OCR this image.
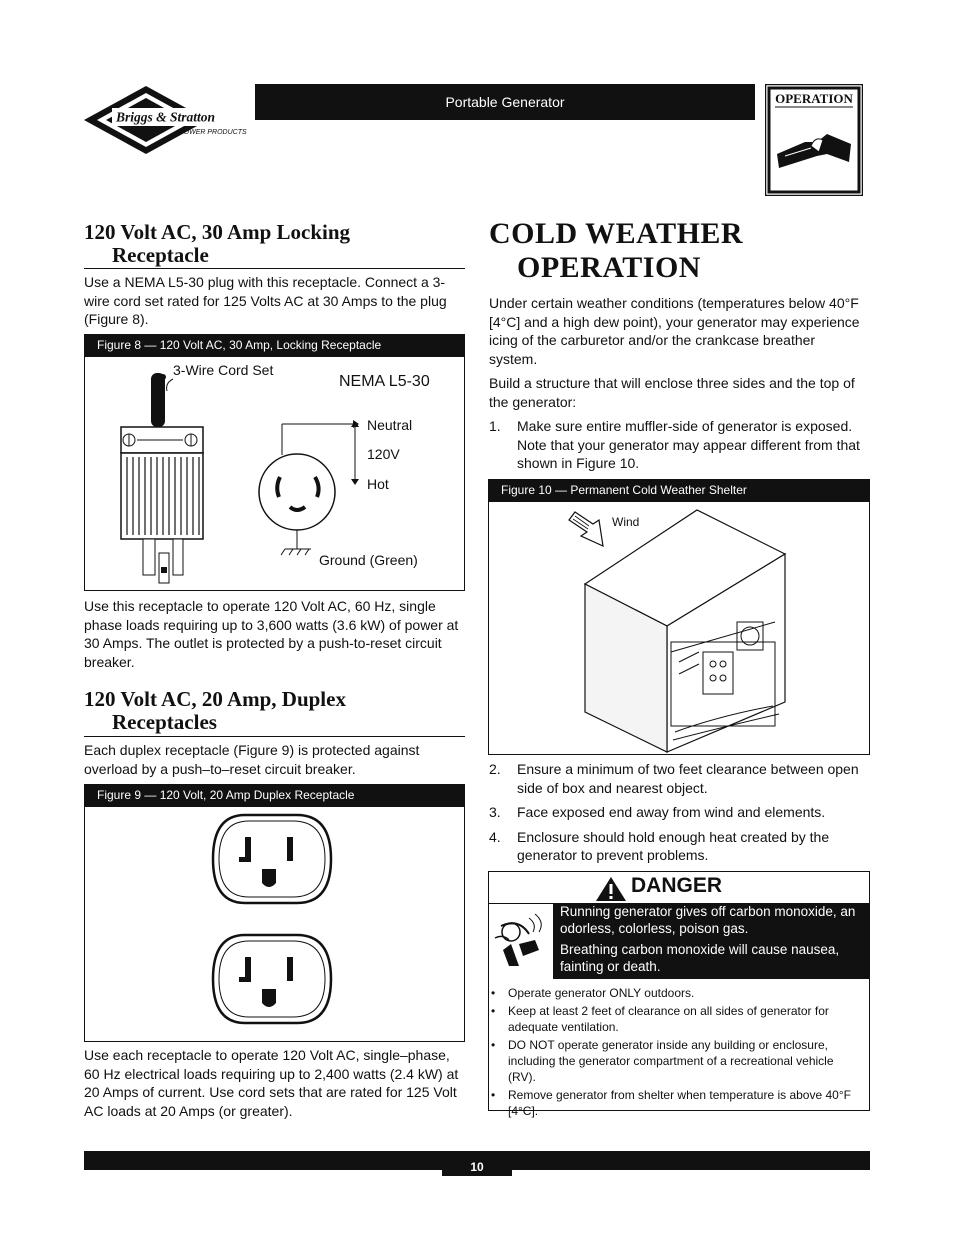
Briggs & Stratton
POWER PRODUCTS
Portable Generator	OPERATION
120 Volt AC, 30 Amp Locking
Receptacle
Use a NEMA L5-30 plug with this receptacle. Connect a 3-wire cord set rated for 125 Volts AC at 30 Amps to the plug (Figure 8).
Figure 8 — 120 Volt AC, 30 Amp, Locking Receptacle
3-Wire Cord Set
NEMA L5-30
Neutral
120V
Hot
Ground (Green)
Use this receptacle to operate 120 Volt AC, 60 Hz, single phase loads requiring up to 3,600 watts (3.6 kW) of power at 30 Amps. The outlet is protected by a push-to-reset circuit breaker.
120 Volt AC, 20 Amp, Duplex
Receptacles
Each duplex receptacle (Figure 9) is protected against overload by a push–to–reset circuit breaker.
Figure 9 — 120 Volt, 20 Amp Duplex Receptacle
Use each receptacle to operate 120 Volt AC, single–phase, 60 Hz electrical loads requiring up to 2,400 watts (2.4 kW) at 20 Amps of current. Use cord sets that are rated for 125 Volt AC loads at 20 Amps (or greater).
COLD WEATHER
OPERATION
Under certain weather conditions (temperatures below 40°F [4°C] and a high dew point), your generator may experience icing of the carburetor and/or the crankcase breather system.
Build a structure that will enclose three sides and the top of the generator:
1.	Make sure entire muffler-side of generator is exposed. Note that your generator may appear different from that shown in Figure 10.
Figure 10 — Permanent Cold Weather Shelter
Wind
2.	Ensure a minimum of two feet clearance between open side of box and nearest object.
3.	Face exposed end away from wind and elements.
4.	Enclosure should hold enough heat created by the generator to prevent problems.
DANGER
Running generator gives off carbon monoxide, an odorless, colorless, poison gas.
Breathing carbon monoxide will cause nausea, fainting or death.
•	Operate generator ONLY outdoors.
•	Keep at least 2 feet of clearance on all sides of generator for adequate ventilation.
•	DO NOT operate generator inside any building or enclosure, including the generator compartment of a recreational vehicle (RV).
•	Remove generator from shelter when temperature is above 40°F [4°C].
10
